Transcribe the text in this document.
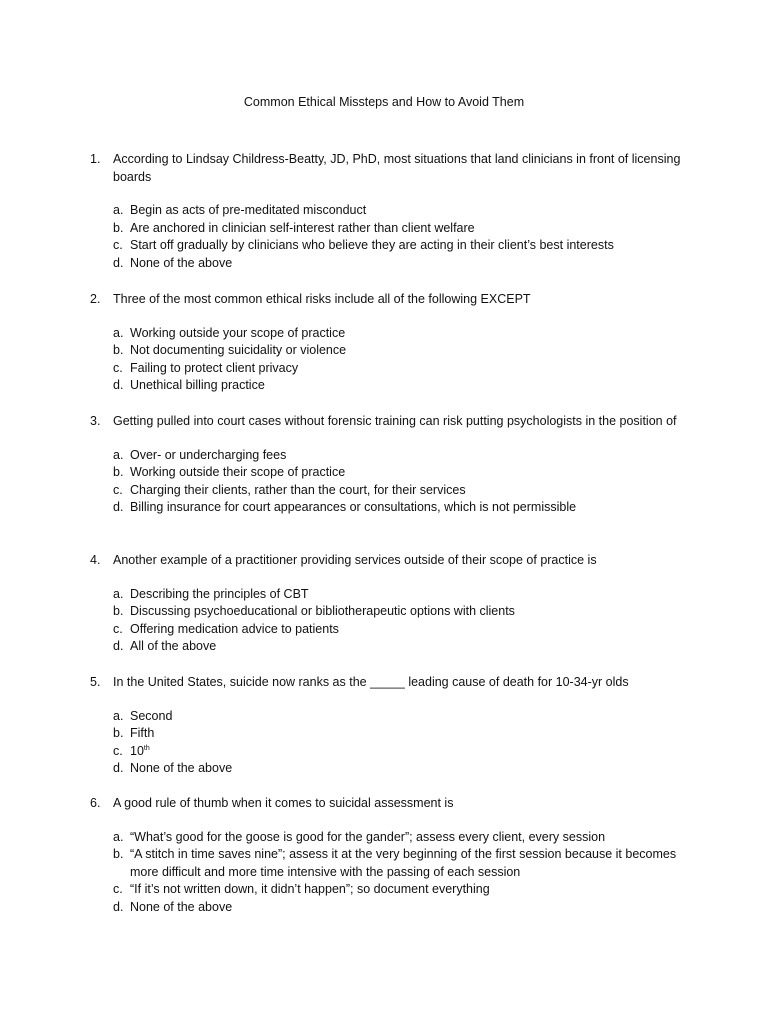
Common Ethical Missteps and How to Avoid Them
1.	According to Lindsay Childress-Beatty, JD, PhD, most situations that land clinicians in front of licensing boards
a. Begin as acts of pre-meditated misconduct
b. Are anchored in clinician self-interest rather than client welfare
c. Start off gradually by clinicians who believe they are acting in their client’s best interests
d. None of the above
2.	Three of the most common ethical risks include all of the following EXCEPT
a. Working outside your scope of practice
b. Not documenting suicidality or violence
c. Failing to protect client privacy
d. Unethical billing practice
3.	Getting pulled into court cases without forensic training can risk putting psychologists in the position of
a. Over- or undercharging fees
b. Working outside their scope of practice
c. Charging their clients, rather than the court, for their services
d. Billing insurance for court appearances or consultations, which is not permissible
4.	Another example of a practitioner providing services outside of their scope of practice is
a. Describing the principles of CBT
b. Discussing psychoeducational or bibliotherapeutic options with clients
c. Offering medication advice to patients
d. All of the above
5.	In the United States, suicide now ranks as the _____ leading cause of death for 10-34-yr olds
a. Second
b. Fifth
c. 10th
d. None of the above
6.	A good rule of thumb when it comes to suicidal assessment is
a. “What’s good for the goose is good for the gander”; assess every client, every session
b. “A stitch in time saves nine”; assess it at the very beginning of the first session because it becomes more difficult and more time intensive with the passing of each session
c. “If it’s not written down, it didn’t happen”; so document everything
d. None of the above
